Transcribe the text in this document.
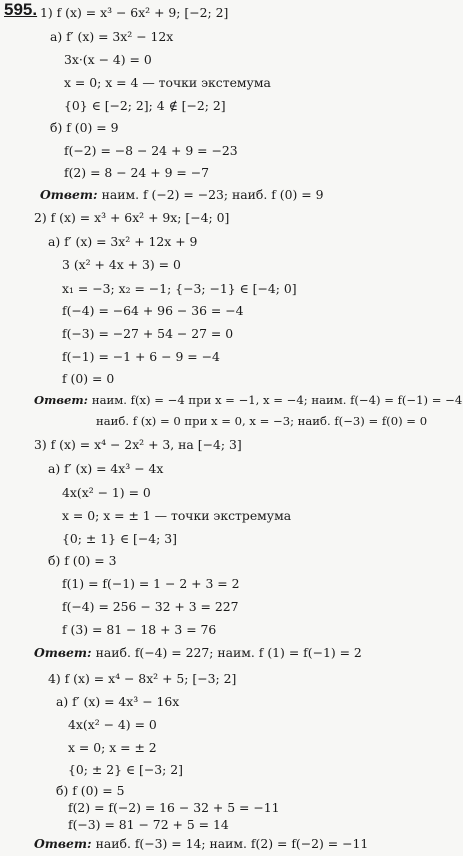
595. 1) f (x) = x³ − 6x² + 9; [−2; 2]
а) f′ (x) = 3x² − 12x
3x·(x − 4) = 0
x = 0; x = 4 — точки экстемума
{0} ∈ [−2; 2]; 4 ∉ [−2; 2]
б) f (0) = 9
f(−2) = −8 − 24 + 9 = −23
f(2) = 8 − 24 + 9 = −7
Ответ: наим. f (−2) = −23; наиб. f (0) = 9
2) f (x) = x³ + 6x² + 9x; [−4; 0]
а) f′ (x) = 3x² + 12x + 9
3 (x² + 4x + 3) = 0
x₁ = −3; x₂ = −1; {−3; −1} ∈ [−4; 0]
f(−4) = −64 + 96 − 36 = −4
f(−3) = −27 + 54 − 27 = 0
f(−1) = −1 + 6 − 9 = −4
f (0) = 0
Ответ: наим. f(x) = −4 при x = −1, x = −4; наим. f(−4) = f(−1) = −4
наиб. f (x) = 0 при x = 0, x = −3; наиб. f(−3) = f(0) = 0
3) f (x) = x⁴ − 2x² + 3, на [−4; 3]
а) f′ (x) = 4x³ − 4x
4x(x² − 1) = 0
x = 0; x = ± 1 — точки экстремума
{0; ± 1} ∈ [−4; 3]
б) f (0) = 3
f(1) = f(−1) = 1 − 2 + 3 = 2
f(−4) = 256 − 32 + 3 = 227
f (3) = 81 − 18 + 3 = 76
Ответ: наиб. f(−4) = 227; наим. f (1) = f(−1) = 2
4) f (x) = x⁴ − 8x² + 5; [−3; 2]
а) f′ (x) = 4x³ − 16x
4x(x² − 4) = 0
x = 0; x = ± 2
{0; ± 2} ∈ [−3; 2]
б) f (0) = 5
f(2) = f(−2) = 16 − 32 + 5 = −11
f(−3) = 81 − 72 + 5 = 14
Ответ: наиб. f(−3) = 14; наим. f(2) = f(−2) = −11
